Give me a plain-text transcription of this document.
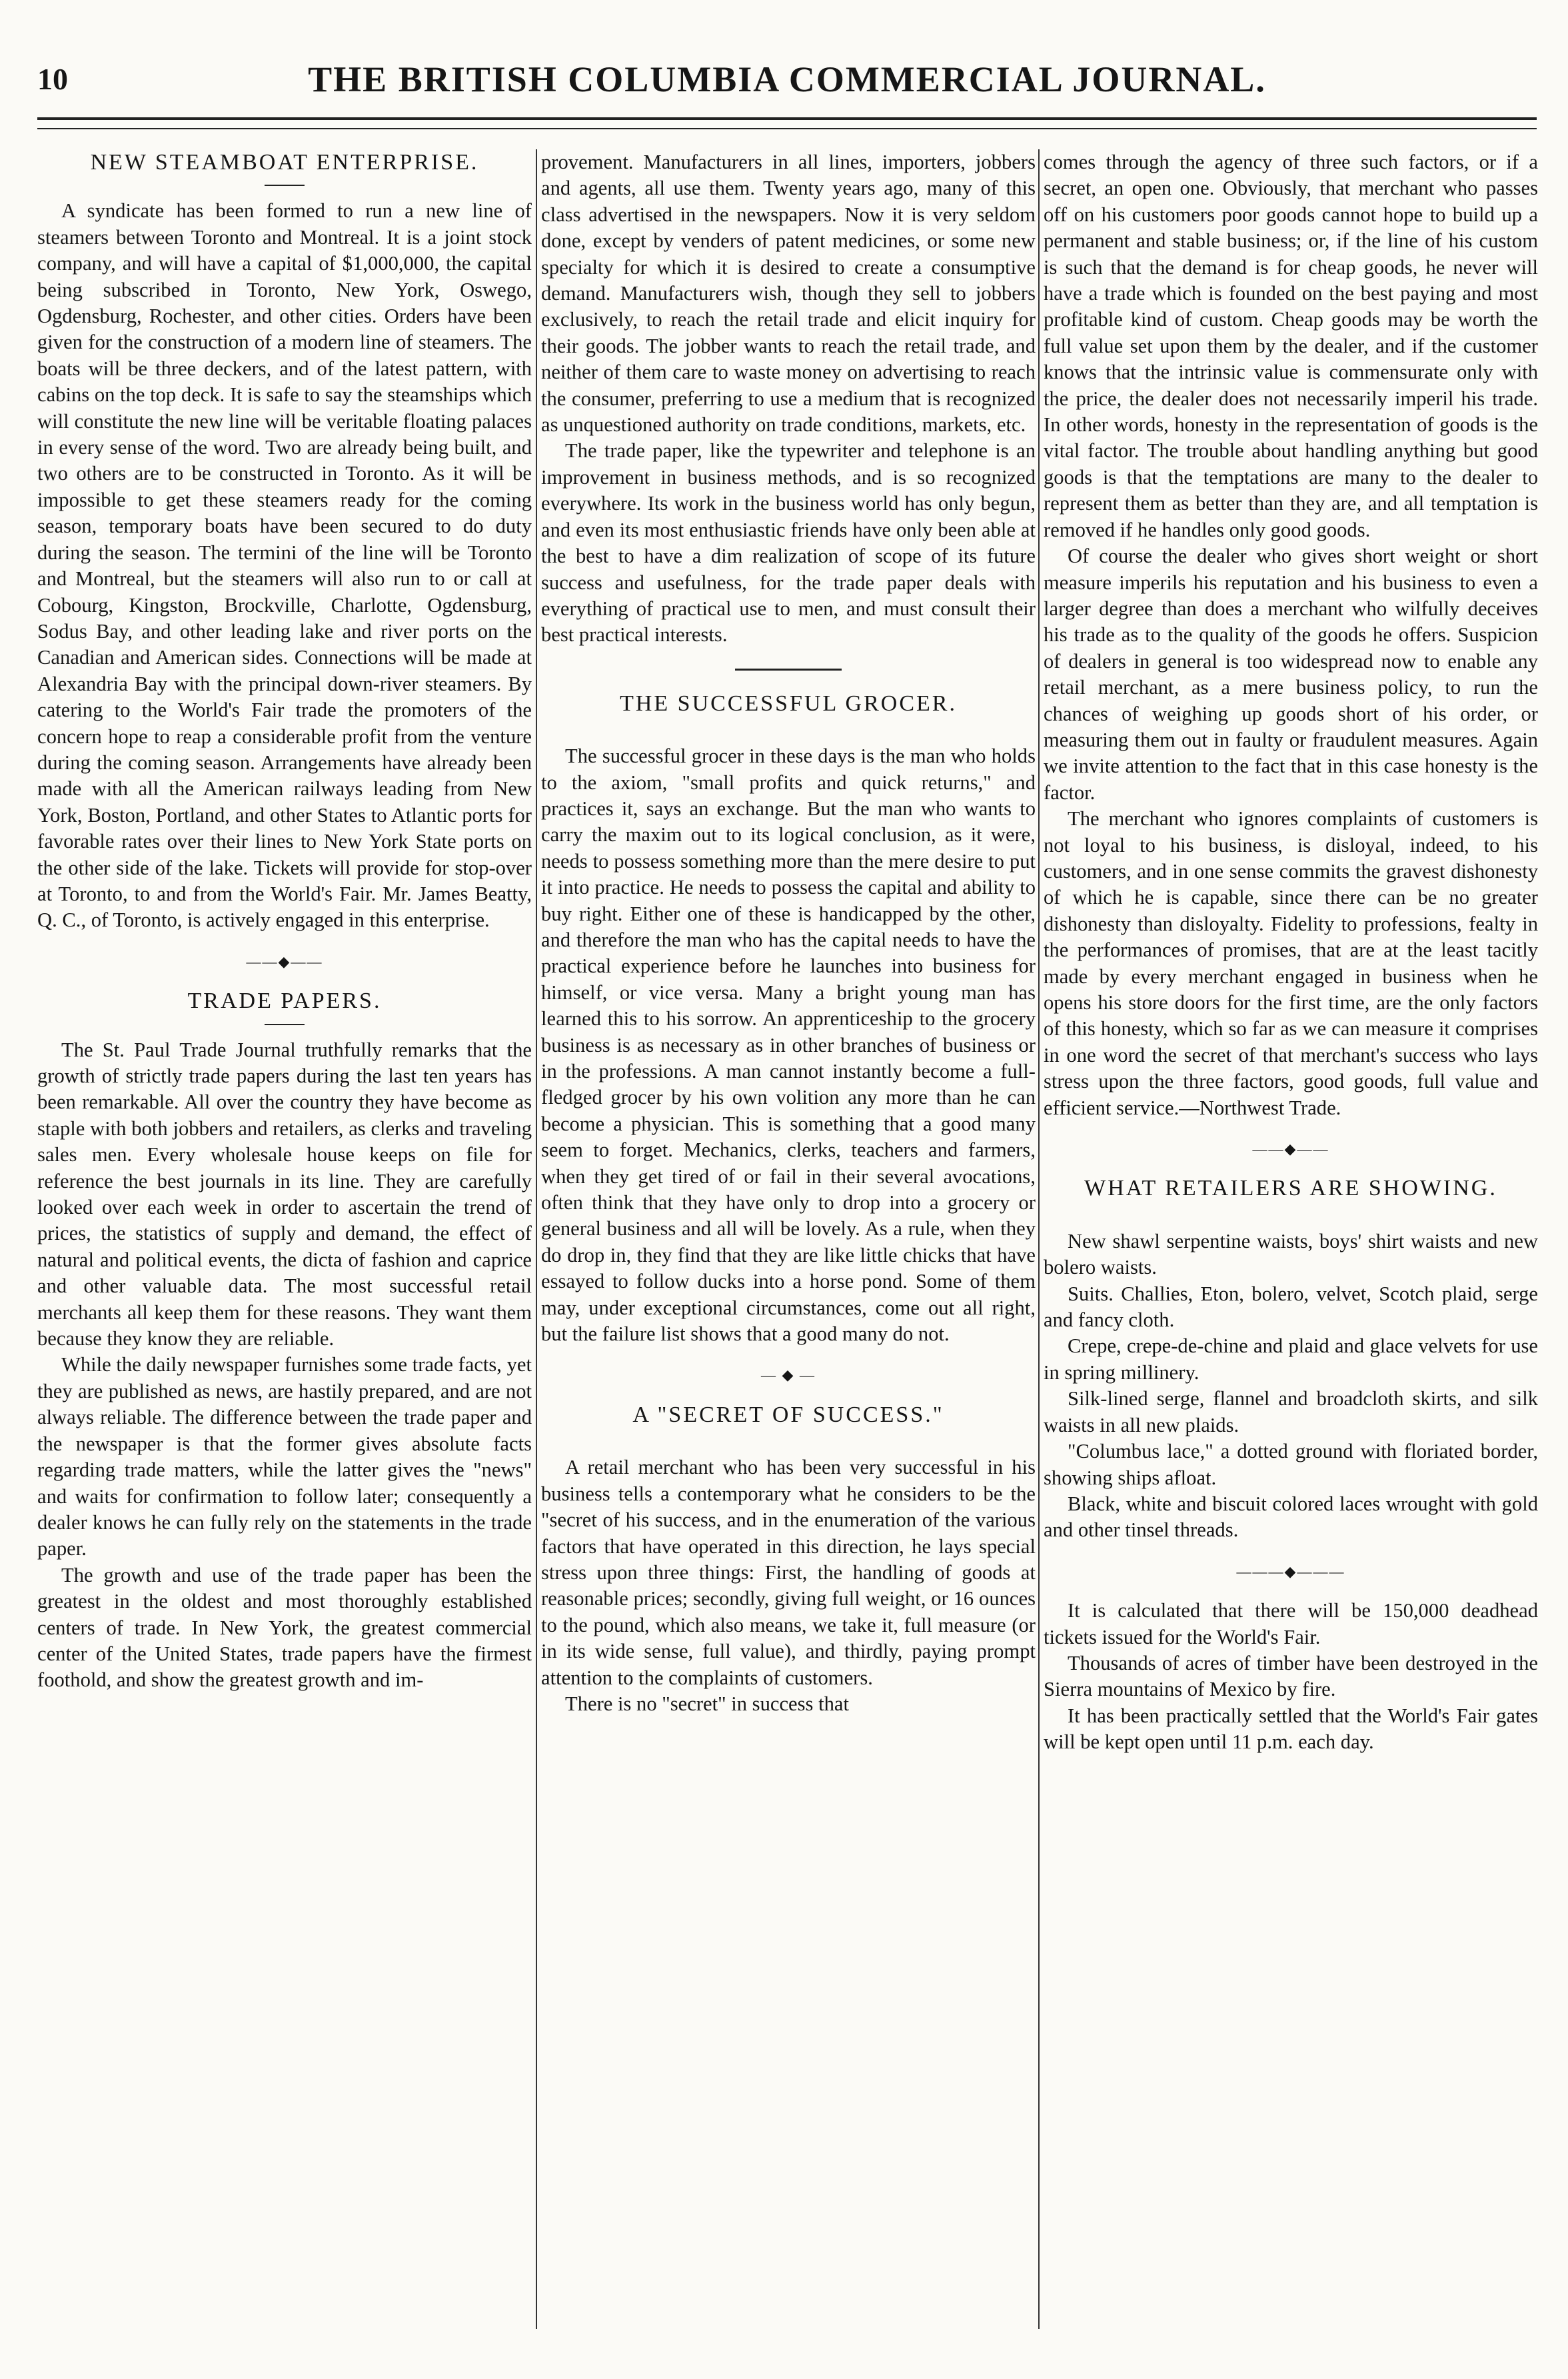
10	THE BRITISH COLUMBIA COMMERCIAL JOURNAL.
NEW STEAMBOAT ENTERPRISE.

A syndicate has been formed to run a new line of steamers between Toronto and Montreal. It is a joint stock company, and will have a capital of $1,000,000, the capital being subscribed in Toronto, New York, Oswego, Ogdensburg, Rochester, and other cities. Orders have been given for the construction of a modern line of steamers. The boats will be three deckers, and of the latest pattern, with cabins on the top deck. It is safe to say the steamships which will constitute the new line will be veritable floating palaces in every sense of the word. Two are already being built, and two others are to be constructed in Toronto. As it will be impossible to get these steamers ready for the coming season, temporary boats have been secured to do duty during the season. The termini of the line will be Toronto and Montreal, but the steamers will also run to or call at Cobourg, Kingston, Brockville, Charlotte, Ogdensburg, Sodus Bay, and other leading lake and river ports on the Canadian and American sides. Connections will be made at Alexandria Bay with the principal down-river steamers. By catering to the World's Fair trade the promoters of the concern hope to reap a considerable profit from the venture during the coming season. Arrangements have already been made with all the American railways leading from New York, Boston, Portland, and other States to Atlantic ports for favorable rates over their lines to New York State ports on the other side of the lake. Tickets will provide for stop-over at Toronto, to and from the World's Fair. Mr. James Beatty, Q. C., of Toronto, is actively engaged in this enterprise.

——◆——
TRADE PAPERS.

The St. Paul Trade Journal truthfully remarks that the growth of strictly trade papers during the last ten years has been remarkable. All over the country they have become as staple with both jobbers and retailers, as clerks and traveling sales men. Every wholesale house keeps on file for reference the best journals in its line. They are carefully looked over each week in order to ascertain the trend of prices, the statistics of supply and demand, the effect of natural and political events, the dicta of fashion and caprice and other valuable data. The most successful retail merchants all keep them for these reasons. They want them because they know they are reliable.

While the daily newspaper furnishes some trade facts, yet they are published as news, are hastily prepared, and are not always reliable. The difference between the trade paper and the newspaper is that the former gives absolute facts regarding trade matters, while the latter gives the "news" and waits for confirmation to follow later; consequently a dealer knows he can fully rely on the statements in the trade paper.

The growth and use of the trade paper has been the greatest in the oldest and most thoroughly established centers of trade. In New York, the greatest commercial center of the United States, trade papers have the firmest foothold, and show the greatest growth and im-

provement. Manufacturers in all lines, importers, jobbers and agents, all use them. Twenty years ago, many of this class advertised in the newspapers. Now it is very seldom done, except by venders of patent medicines, or some new specialty for which it is desired to create a consumptive demand. Manufacturers wish, though they sell to jobbers exclusively, to reach the retail trade and elicit inquiry for their goods. The jobber wants to reach the retail trade, and neither of them care to waste money on advertising to reach the consumer, preferring to use a medium that is recognized as unquestioned authority on trade conditions, markets, etc.

The trade paper, like the typewriter and telephone is an improvement in business methods, and is so recognized everywhere. Its work in the business world has only begun, and even its most enthusiastic friends have only been able at the best to have a dim realization of scope of its future success and usefulness, for the trade paper deals with everything of practical use to men, and must consult their best practical interests.

THE SUCCESSFUL GROCER.

The successful grocer in these days is the man who holds to the axiom, "small profits and quick returns," and practices it, says an exchange. But the man who wants to carry the maxim out to its logical conclusion, as it were, needs to possess something more than the mere desire to put it into practice. He needs to possess the capital and ability to buy right. Either one of these is handicapped by the other, and therefore the man who has the capital needs to have the practical experience before he launches into business for himself, or vice versa. Many a bright young man has learned this to his sorrow. An apprenticeship to the grocery business is as necessary as in other branches of business or in the professions. A man cannot instantly become a full-fledged grocer by his own volition any more than he can become a physician. This is something that a good many seem to forget. Mechanics, clerks, teachers and farmers, when they get tired of or fail in their several avocations, often think that they have only to drop into a grocery or general business and all will be lovely. As a rule, when they do drop in, they find that they are like little chicks that have essayed to follow ducks into a horse pond. Some of them may, under exceptional circumstances, come out all right, but the failure list shows that a good many do not.

— ◆ —
A "SECRET OF SUCCESS."

A retail merchant who has been very successful in his business tells a contemporary what he considers to be the "secret of his success, and in the enumeration of the various factors that have operated in this direction, he lays special stress upon three things: First, the handling of goods at reasonable prices; secondly, giving full weight, or 16 ounces to the pound, which also means, we take it, full measure (or in its wide sense, full value), and thirdly, paying prompt attention to the complaints of customers.

There is no "secret" in success that

comes through the agency of three such factors, or if a secret, an open one. Obviously, that merchant who passes off on his customers poor goods cannot hope to build up a permanent and stable business; or, if the line of his custom is such that the demand is for cheap goods, he never will have a trade which is founded on the best paying and most profitable kind of custom. Cheap goods may be worth the full value set upon them by the dealer, and if the customer knows that the intrinsic value is commensurate only with the price, the dealer does not necessarily imperil his trade. In other words, honesty in the representation of goods is the vital factor. The trouble about handling anything but good goods is that the temptations are many to the dealer to represent them as better than they are, and all temptation is removed if he handles only good goods.

Of course the dealer who gives short weight or short measure imperils his reputation and his business to even a larger degree than does a merchant who wilfully deceives his trade as to the quality of the goods he offers. Suspicion of dealers in general is too widespread now to enable any retail merchant, as a mere business policy, to run the chances of weighing up goods short of his order, or measuring them out in faulty or fraudulent measures. Again we invite attention to the fact that in this case honesty is the factor.

The merchant who ignores complaints of customers is not loyal to his business, is disloyal, indeed, to his customers, and in one sense commits the gravest dishonesty of which he is capable, since there can be no greater dishonesty than disloyalty. Fidelity to professions, fealty in the performances of promises, that are at the least tacitly made by every merchant engaged in business when he opens his store doors for the first time, are the only factors of this honesty, which so far as we can measure it comprises in one word the secret of that merchant's success who lays stress upon the three factors, good goods, full value and efficient service.—Northwest Trade.

——◆——
WHAT RETAILERS ARE SHOWING.

New shawl serpentine waists, boys' shirt waists and new bolero waists.

Suits. Challies, Eton, bolero, velvet, Scotch plaid, serge and fancy cloth.

Crepe, crepe-de-chine and plaid and glace velvets for use in spring millinery.

Silk-lined serge, flannel and broadcloth skirts, and silk waists in all new plaids.

"Columbus lace," a dotted ground with floriated border, showing ships afloat.

Black, white and biscuit colored laces wrought with gold and other tinsel threads.

———◆———

It is calculated that there will be 150,000 deadhead tickets issued for the World's Fair.

Thousands of acres of timber have been destroyed in the Sierra mountains of Mexico by fire.

It has been practically settled that the World's Fair gates will be kept open until 11 p.m. each day.
